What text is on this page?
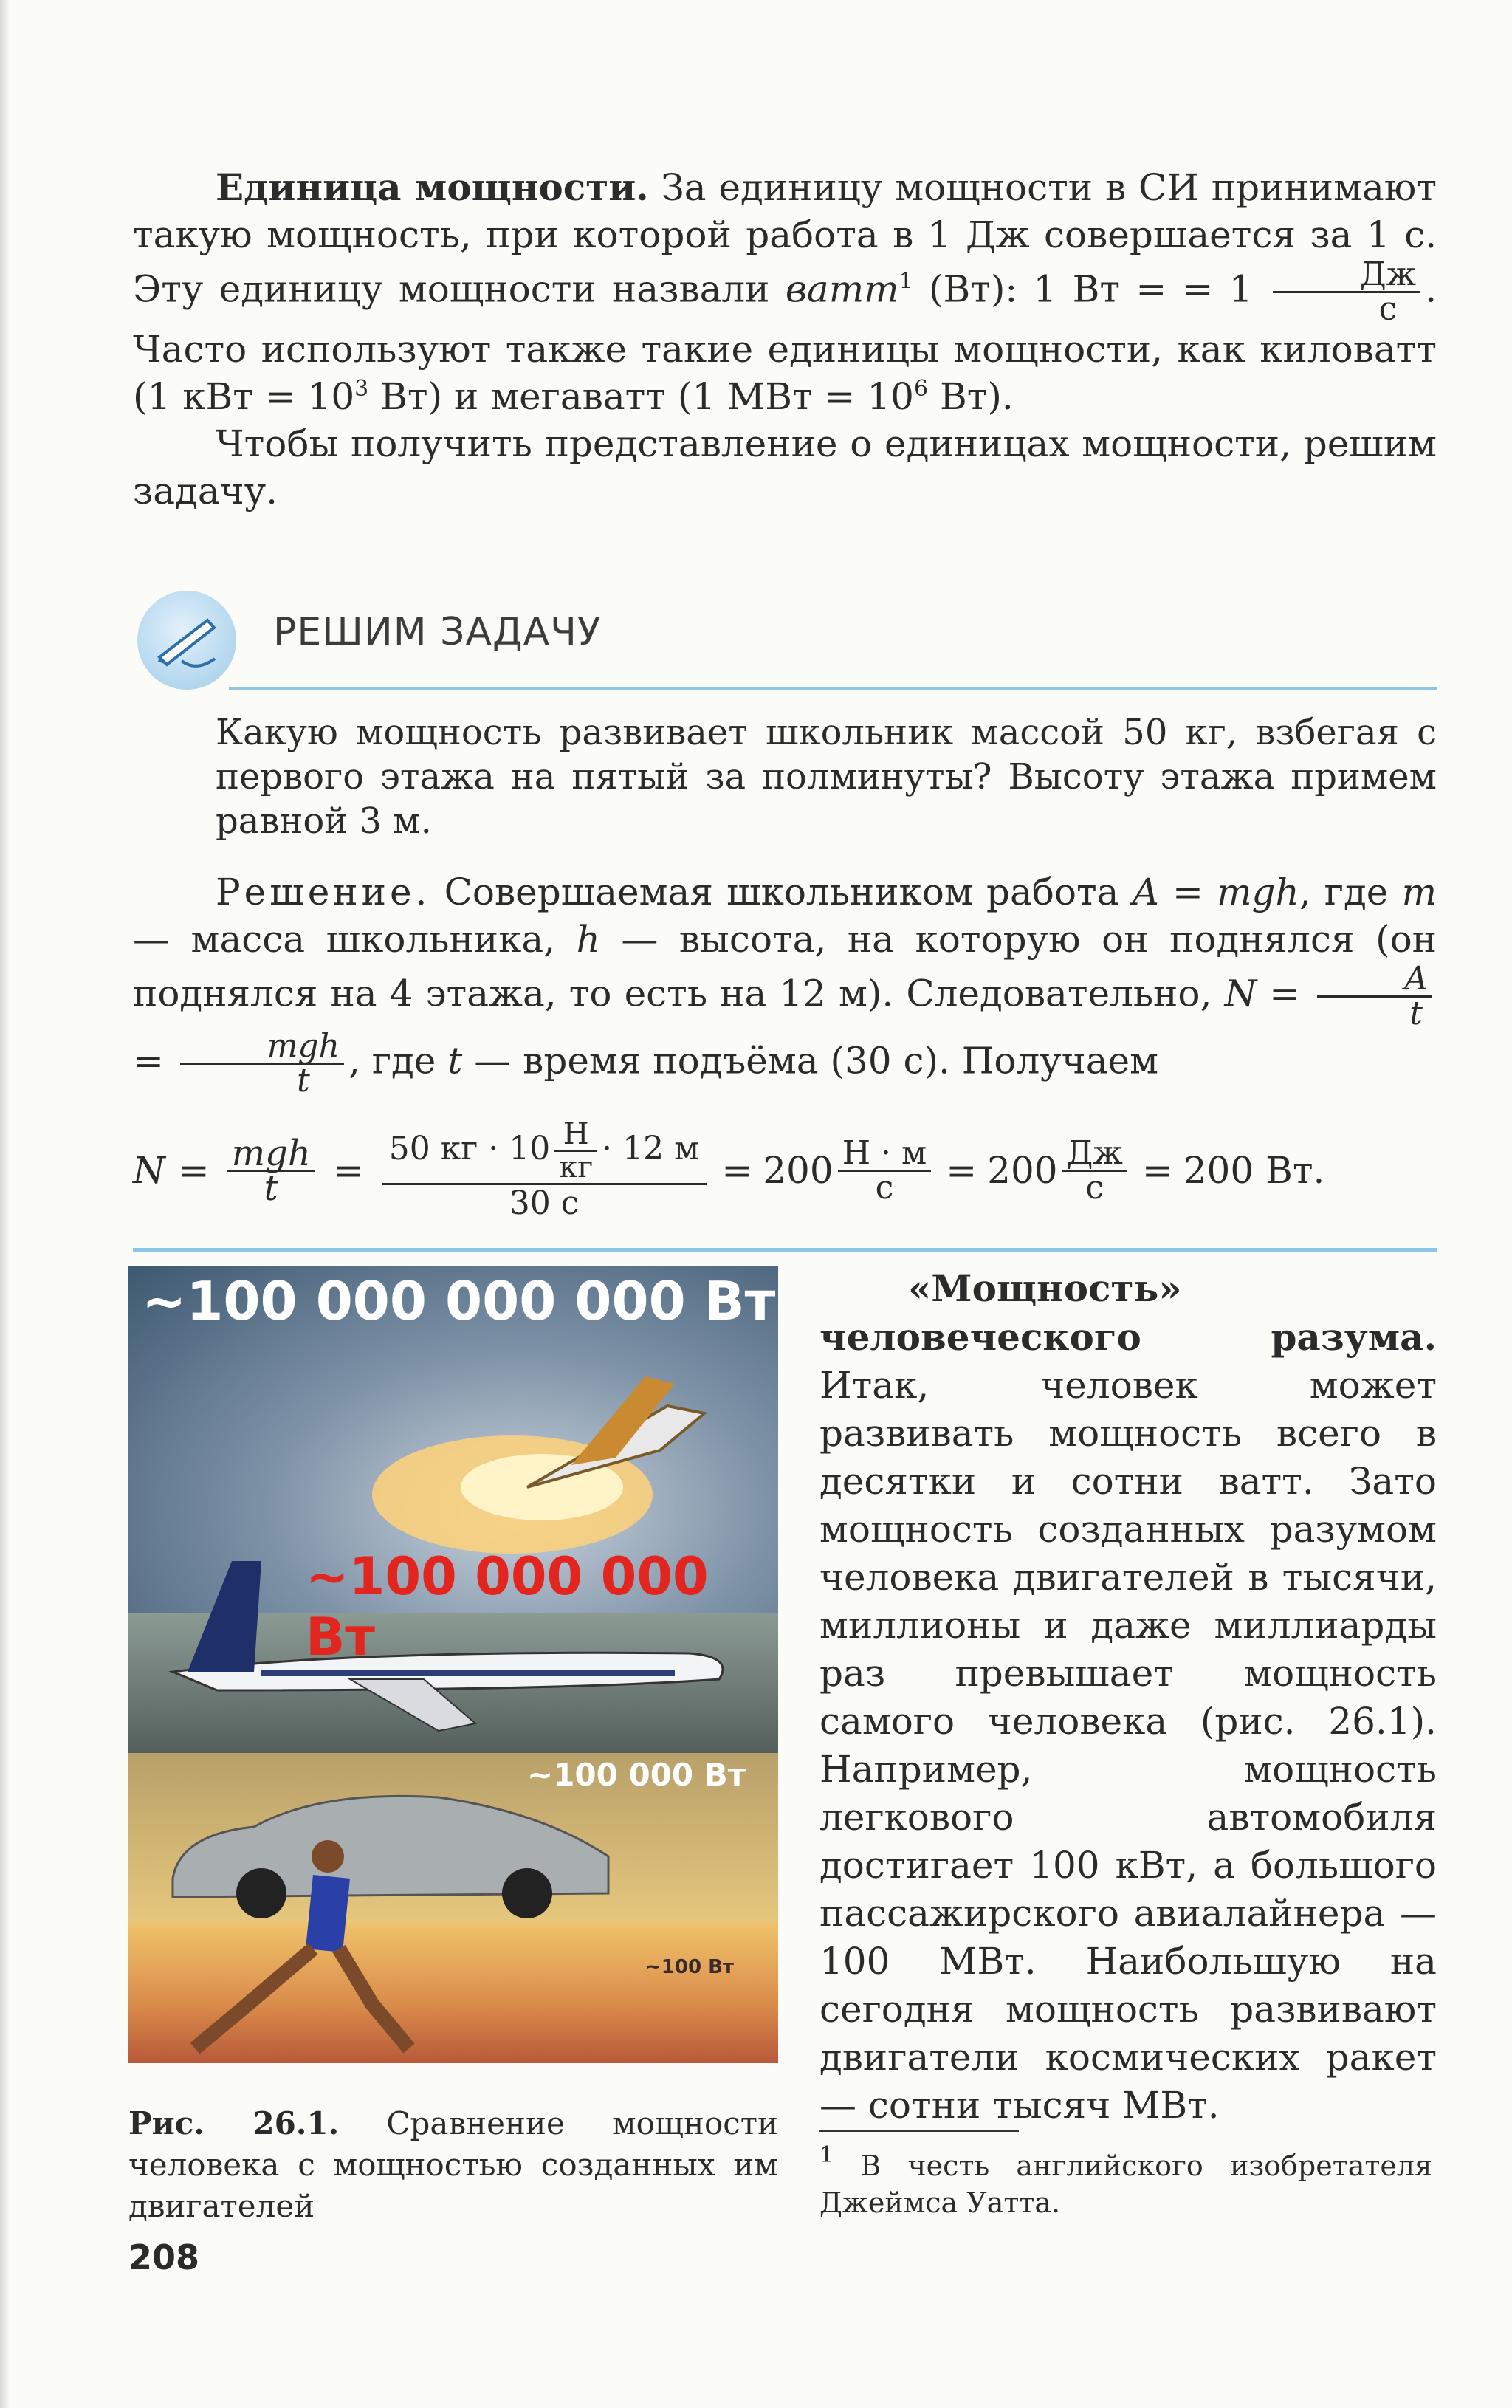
Единица мощности. За единицу мощности в СИ принимают такую мощность, при которой работа в 1 Дж совершается за 1 с. Эту единицу мощности назвали ватт$^1$ (Вт): 1 Вт = = $1 \frac{Дж}{с}$ . Часто используют также такие единицы мощности, как киловатт (1 кВт = $10^3$ Вт) и мегаватт (1 МВт = $10^6$ Вт).

Чтобы получить представление о единицах мощности, решим задачу.

РЕШИМ ЗАДАЧУ

Какую мощность развивает школьник массой 50 кг, взбегая с первого этажа на пятый за полминуты? Высоту этажа примем равной 3 м.

Решение. Совершаемая школьником работа A = mgh, где m — масса школьника, h — высота, на которую он поднялся (он поднялся на 4 этажа, то есть на 12 м). Следовательно, $N = \frac{A}{t}$
= $\frac{\text{mgh}}{t}$ , где t — время подъёма (30 с). Получаем

$N = \frac{\text{mgh}}{t} = \frac{50 кг \cdot 10 \frac{Н}{кг} \cdot 12 м}{30 с} = 200 \frac{Н \cdot м}{с} = 200 \frac{Дж}{с} = 200$ Вт.
~100 000 000 000 Вт
~100 000 000 Вт
~100 000 Вт
~100 Вт

«Мощность» человеческого разума. Итак, человек может развивать мощность всего в десятки и сотни ватт. Зато мощность созданных разумом человека двигателей в тысячи, миллионы и даже миллиарды раз превышает мощность самого человека (рис. 26.1). Например, мощность легкового автомобиля достигает 100 кВт, а большого пассажирского авиалайнера — 100 МВт. Наибольшую на сегодня мощность развивают двигатели космических ракет — сотни тысяч МВт.

Рис. 26.1. Сравнение мощности человека с мощностью созданных им двигателей
$^1$ В честь английского изобретателя Джеймса Уатта.
208
